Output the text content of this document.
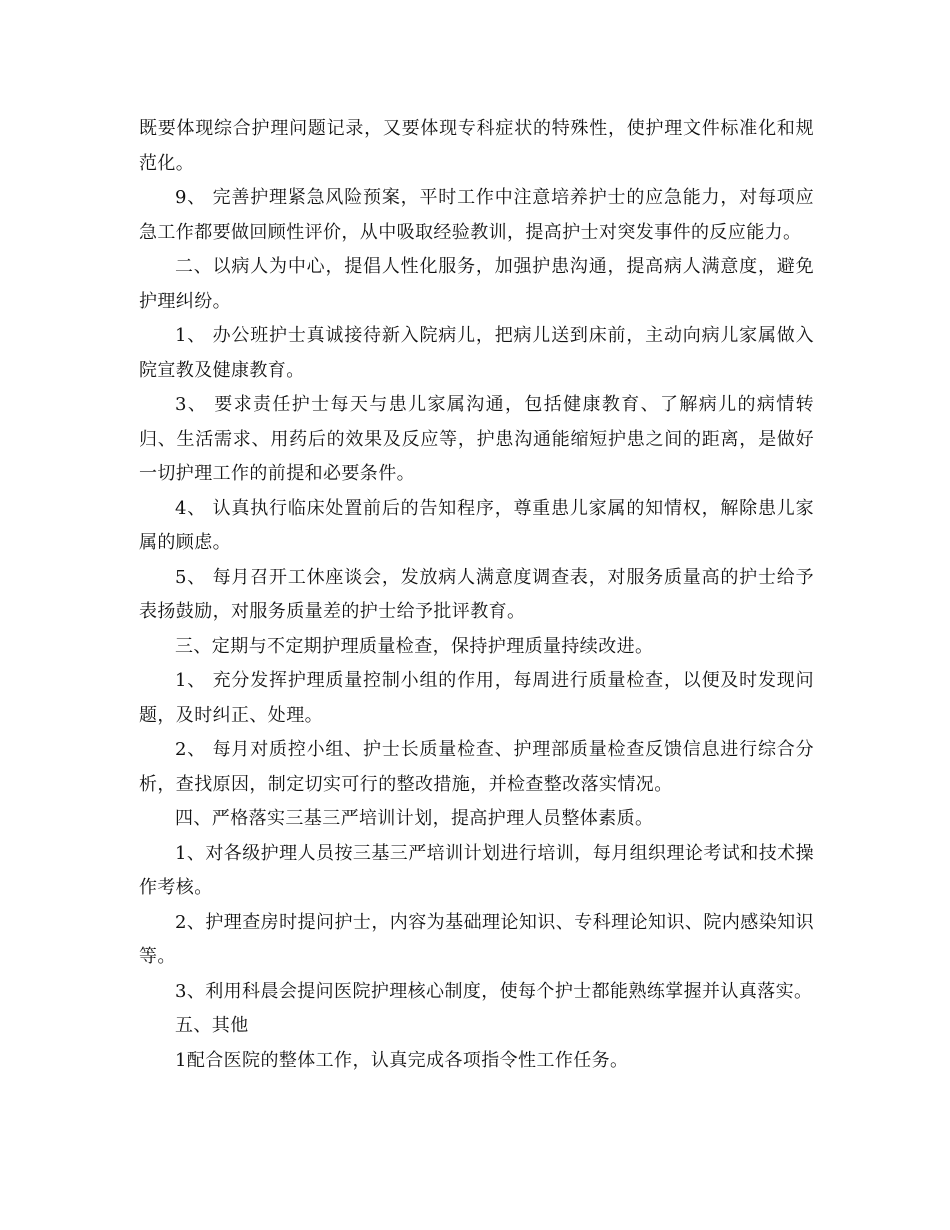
既要体现综合护理问题记录，又要体现专科症状的特殊性，使护理文件标准化和规范化。

9、 完善护理紧急风险预案，平时工作中注意培养护士的应急能力，对每项应急工作都要做回顾性评价，从中吸取经验教训，提高护士对突发事件的反应能力。

二、以病人为中心，提倡人性化服务，加强护患沟通，提高病人满意度，避免护理纠纷。

1、 办公班护士真诚接待新入院病儿，把病儿送到床前，主动向病儿家属做入院宣教及健康教育。

3、 要求责任护士每天与患儿家属沟通，包括健康教育、了解病儿的病情转归、生活需求、用药后的效果及反应等，护患沟通能缩短护患之间的距离，是做好一切护理工作的前提和必要条件。

4、 认真执行临床处置前后的告知程序，尊重患儿家属的知情权，解除患儿家属的顾虑。

5、 每月召开工休座谈会，发放病人满意度调查表，对服务质量高的护士给予表扬鼓励，对服务质量差的护士给予批评教育。

三、定期与不定期护理质量检查，保持护理质量持续改进。

1、 充分发挥护理质量控制小组的作用，每周进行质量检查，以便及时发现问题，及时纠正、处理。

2、 每月对质控小组、护士长质量检查、护理部质量检查反馈信息进行综合分析，查找原因，制定切实可行的整改措施，并检查整改落实情况。

四、严格落实三基三严培训计划，提高护理人员整体素质。

1、对各级护理人员按三基三严培训计划进行培训，每月组织理论考试和技术操作考核。

2、护理查房时提问护士，内容为基础理论知识、专科理论知识、院内感染知识等。

3、利用科晨会提问医院护理核心制度，使每个护士都能熟练掌握并认真落实。

五、其他

1配合医院的整体工作，认真完成各项指令性工作任务。
